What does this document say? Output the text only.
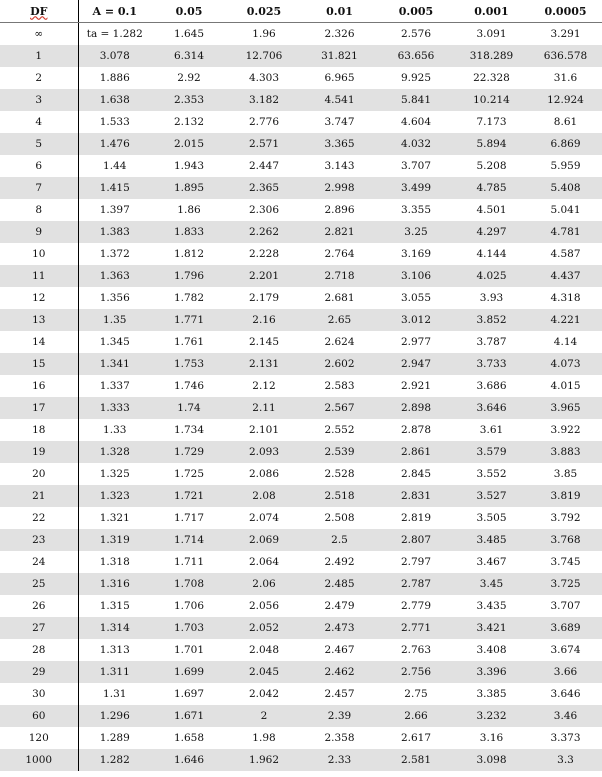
DF	A = 0.1	0.05	0.025	0.01	0.005	0.001	0.0005
∞	ta = 1.282	1.645	1.96	2.326	2.576	3.091	3.291
1	3.078	6.314	12.706	31.821	63.656	318.289	636.578
2	1.886	2.92	4.303	6.965	9.925	22.328	31.6
3	1.638	2.353	3.182	4.541	5.841	10.214	12.924
4	1.533	2.132	2.776	3.747	4.604	7.173	8.61
5	1.476	2.015	2.571	3.365	4.032	5.894	6.869
6	1.44	1.943	2.447	3.143	3.707	5.208	5.959
7	1.415	1.895	2.365	2.998	3.499	4.785	5.408
8	1.397	1.86	2.306	2.896	3.355	4.501	5.041
9	1.383	1.833	2.262	2.821	3.25	4.297	4.781
10	1.372	1.812	2.228	2.764	3.169	4.144	4.587
11	1.363	1.796	2.201	2.718	3.106	4.025	4.437
12	1.356	1.782	2.179	2.681	3.055	3.93	4.318
13	1.35	1.771	2.16	2.65	3.012	3.852	4.221
14	1.345	1.761	2.145	2.624	2.977	3.787	4.14
15	1.341	1.753	2.131	2.602	2.947	3.733	4.073
16	1.337	1.746	2.12	2.583	2.921	3.686	4.015
17	1.333	1.74	2.11	2.567	2.898	3.646	3.965
18	1.33	1.734	2.101	2.552	2.878	3.61	3.922
19	1.328	1.729	2.093	2.539	2.861	3.579	3.883
20	1.325	1.725	2.086	2.528	2.845	3.552	3.85
21	1.323	1.721	2.08	2.518	2.831	3.527	3.819
22	1.321	1.717	2.074	2.508	2.819	3.505	3.792
23	1.319	1.714	2.069	2.5	2.807	3.485	3.768
24	1.318	1.711	2.064	2.492	2.797	3.467	3.745
25	1.316	1.708	2.06	2.485	2.787	3.45	3.725
26	1.315	1.706	2.056	2.479	2.779	3.435	3.707
27	1.314	1.703	2.052	2.473	2.771	3.421	3.689
28	1.313	1.701	2.048	2.467	2.763	3.408	3.674
29	1.311	1.699	2.045	2.462	2.756	3.396	3.66
30	1.31	1.697	2.042	2.457	2.75	3.385	3.646
60	1.296	1.671	2	2.39	2.66	3.232	3.46
120	1.289	1.658	1.98	2.358	2.617	3.16	3.373
1000	1.282	1.646	1.962	2.33	2.581	3.098	3.3
